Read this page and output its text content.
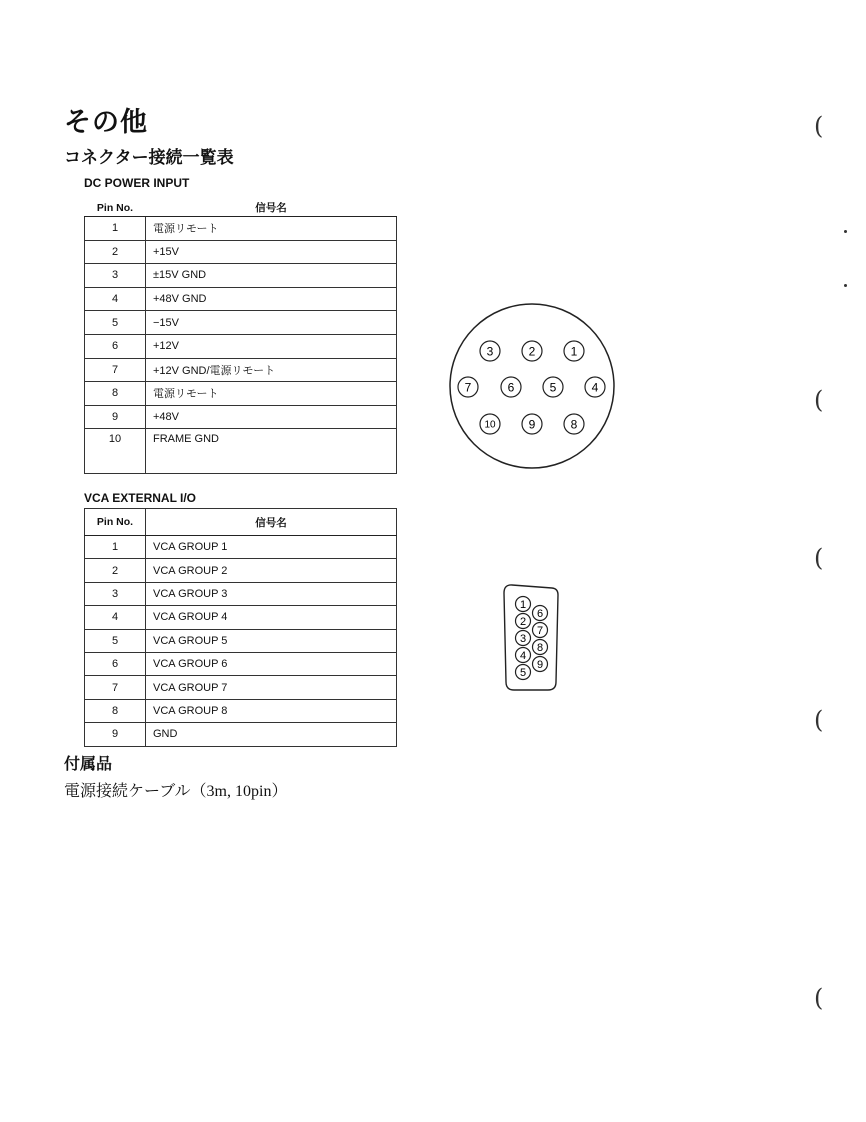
その他
コネクター接続一覧表
DC POWER INPUT
Pin No.	信号名
1	電源リモート
2	+15V
3	±15V GND
4	+48V GND
5	−15V
6	+12V
7	+12V GND/電源リモート
8	電源リモート
9	+48V
10	FRAME GND
VCA EXTERNAL I/O
Pin No.	信号名
1	VCA GROUP 1
2	VCA GROUP 2
3	VCA GROUP 3
4	VCA GROUP 4
5	VCA GROUP 5
6	VCA GROUP 6
7	VCA GROUP 7
8	VCA GROUP 8
9	GND
付属品
電源接続ケーブル（3m, 10pin）
3	2	1
7	6	5	4
10	9	8
1
2
3
4
5
6
7
8
9
(
(
(
(
(
